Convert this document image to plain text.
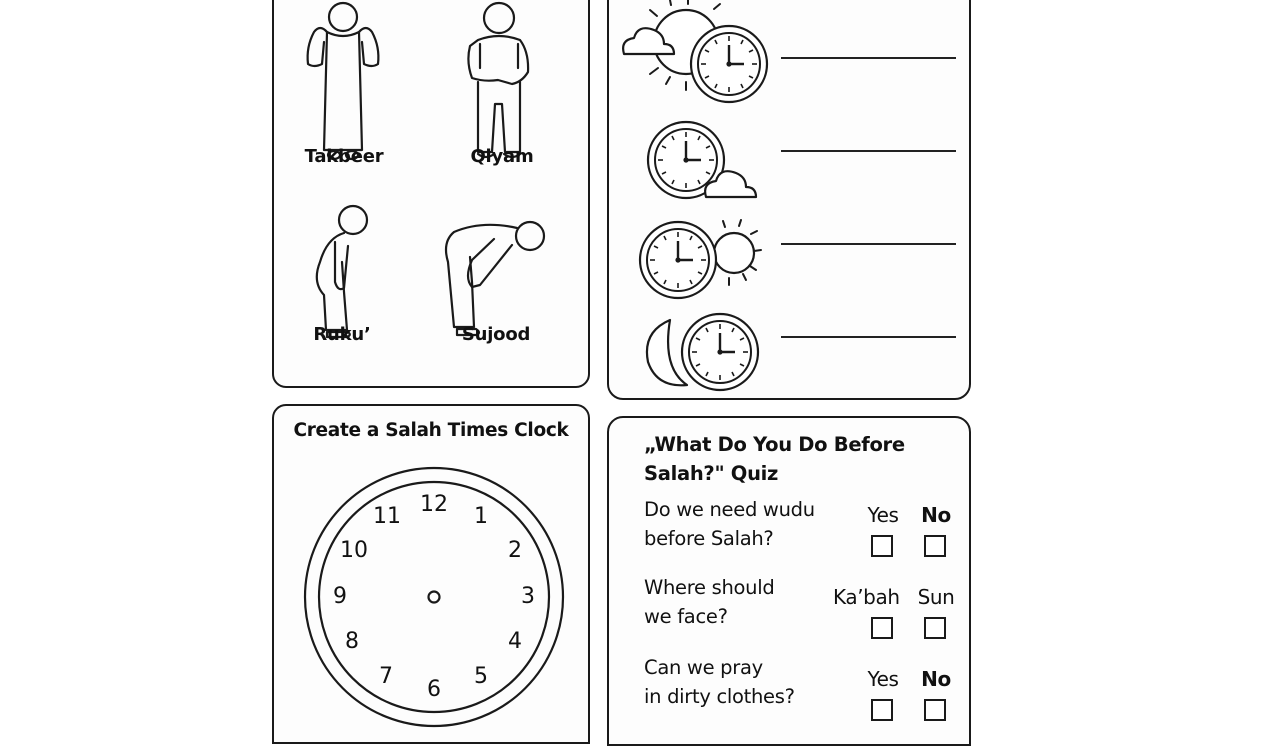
Takbeer	Qlyam
Ruku’	Sujood
Create a Salah Times Clock
12	1
2
3
4
5
6
7
8
9
10
11
„What Do You Do Before
Salah?" Quiz
Do we need wudu
before Salah?
Yes	No
Where should
we face?
Ka’bah Sun
Can we pray
in dirty clothes?
Yes	No
